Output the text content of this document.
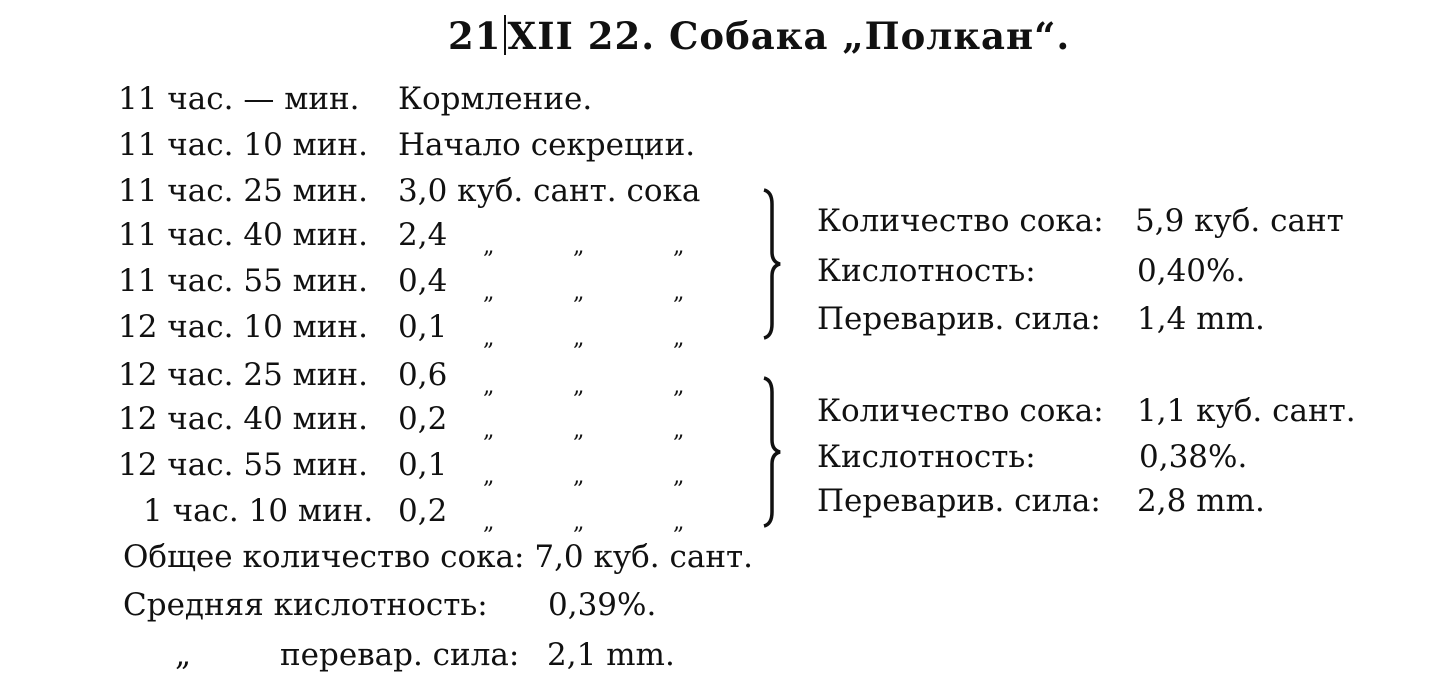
21 XII 22. Собака „Полкан“.
11 час. — мин. Кормление.
11 час. 10 мин. Начало секреции.
11 час. 25 мин. 3,0 куб. сант. сока
11 час. 40 мин. 2,4 „	„	„
11 час. 55 мин. 0,4 „	„	„
12 час. 10 мин. 0,1 „	„	„
12 час. 25 мин. 0,6 „	„	„
12 час. 40 мин. 0,2 „	„	„
12 час. 55 мин. 0,1 „	„	„
1 час. 10 мин. 0,2 „	„	„
Общее количество сока: 7,0 куб. сант.
Средняя кислотность: 0,39%.
„	перевар. сила: 2,1 mm.
Количество сока: 5,9 куб. сант
Кислотность:	0,40%.
Переварив. сила: 1,4 mm.
Количество сока: 1,1 куб. сант.
Кислотность:	0,38%.
Переварив. сила: 2,8 mm.
